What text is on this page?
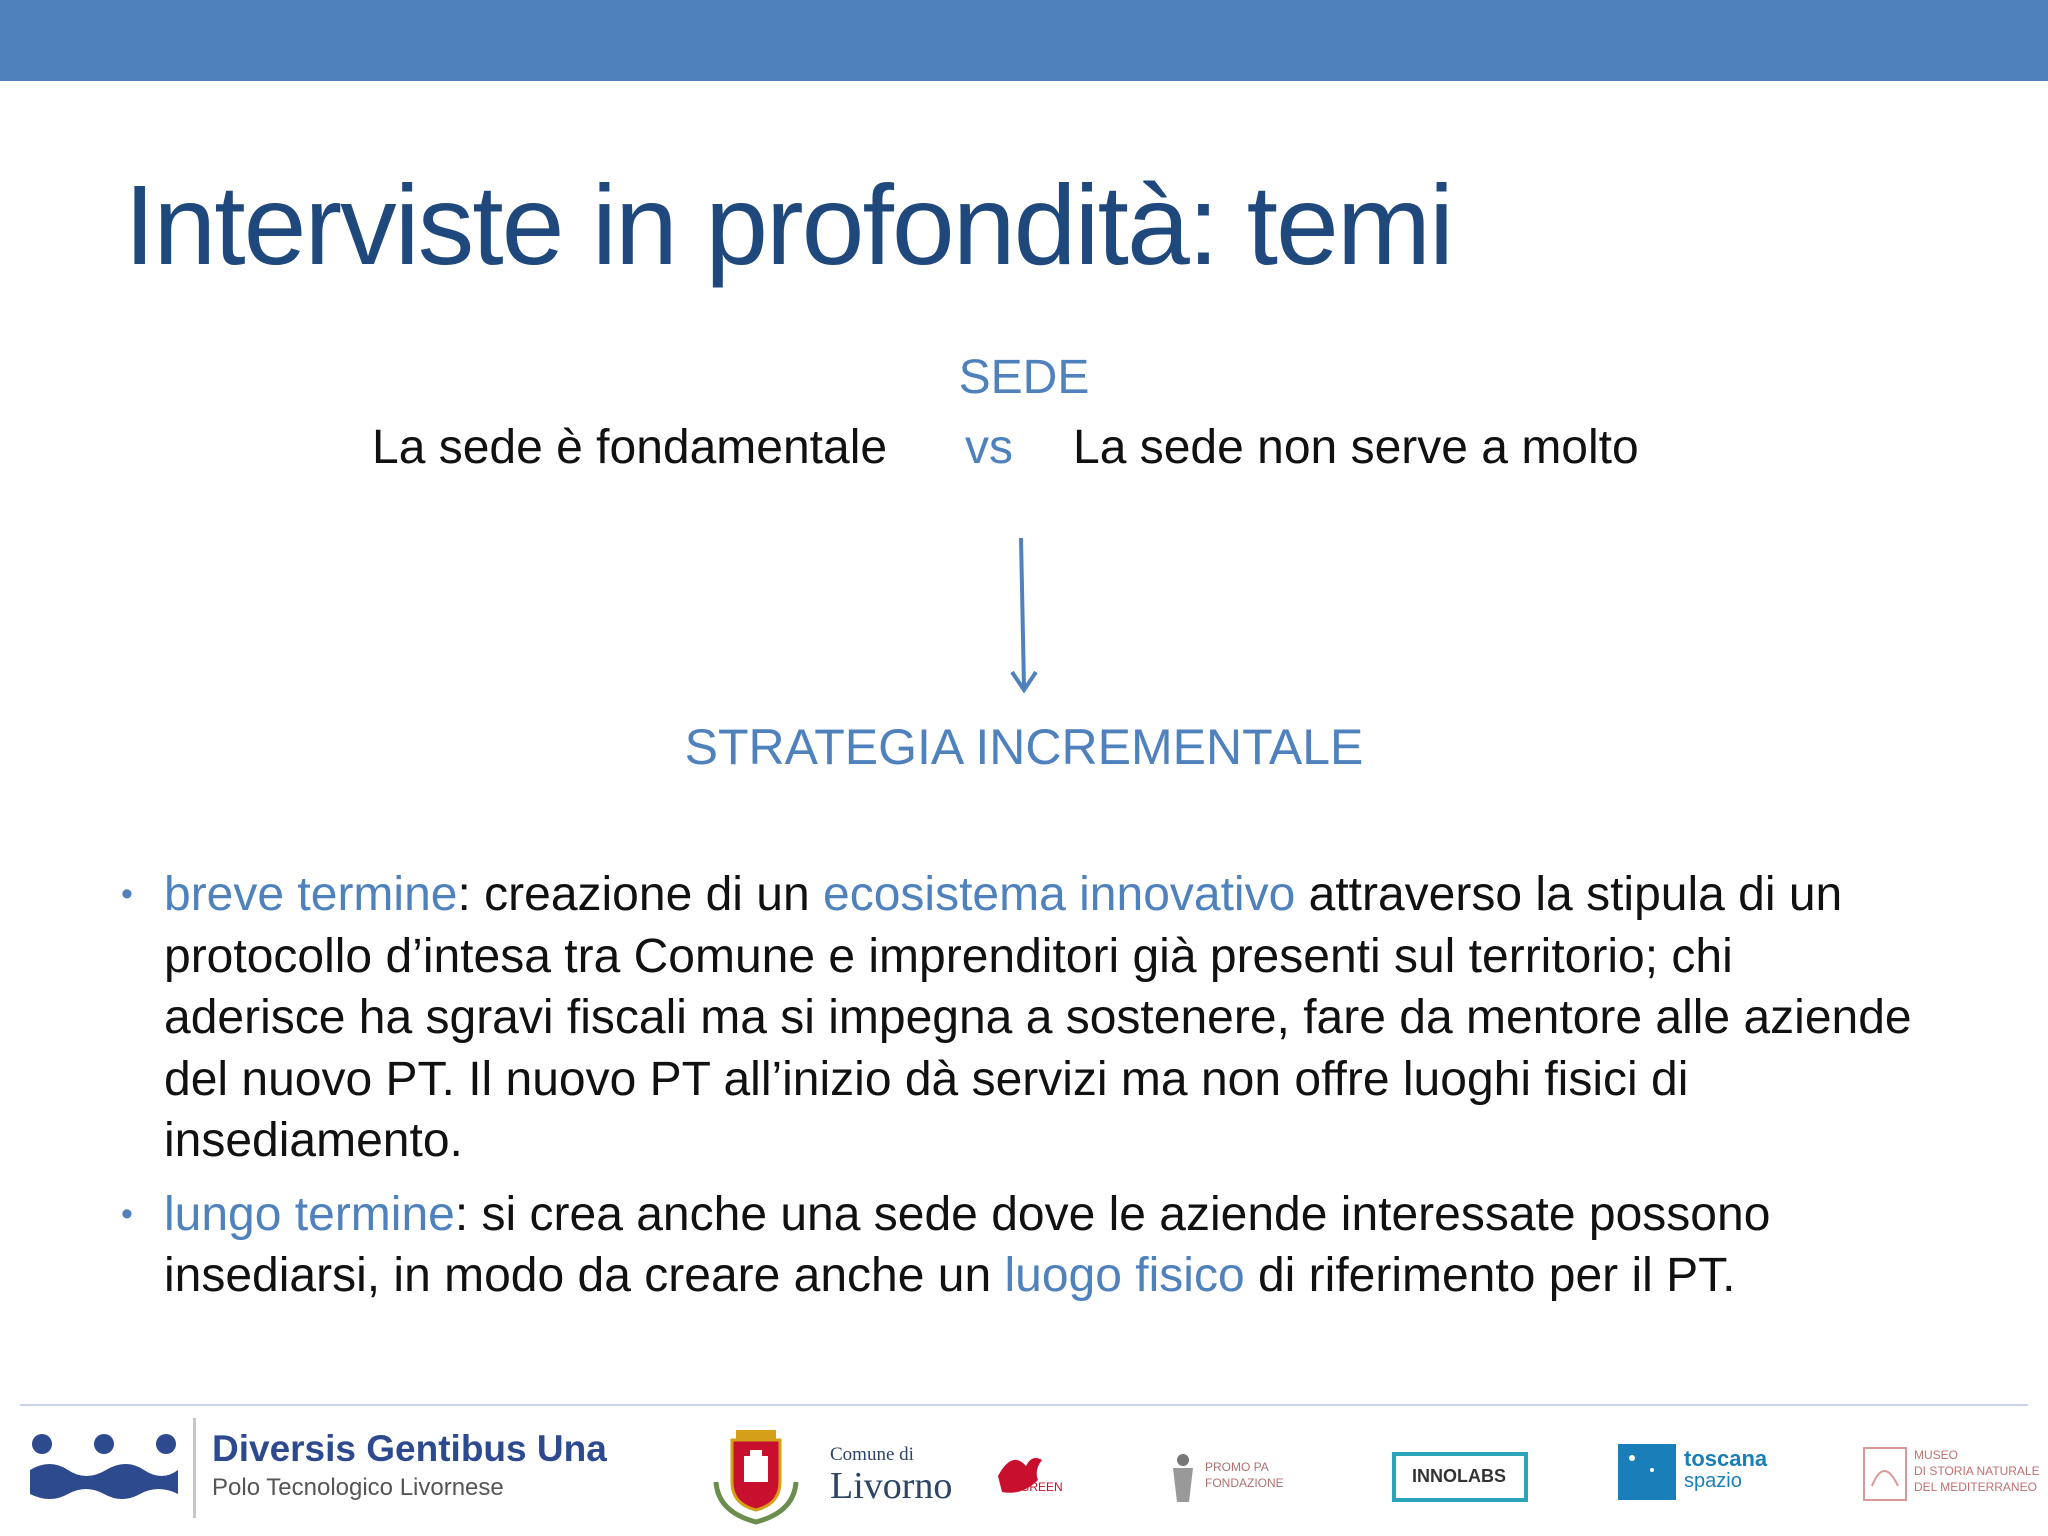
Interviste in profondità: temi
SEDE
La sede è fondamentale vs La sede non serve a molto
STRATEGIA INCREMENTALE
• breve termine: creazione di un ecosistema innovativo attraverso la stipula di un protocollo d’intesa tra Comune e imprenditori già presenti sul territorio; chi aderisce ha sgravi fiscali ma si impegna a sostenere, fare da mentore alle aziende del nuovo PT. Il nuovo PT all’inizio dà servizi ma non offre luoghi fisici di insediamento.
• lungo termine: si crea anche una sede dove le aziende interessate possono insediarsi, in modo da creare anche un luogo fisico di riferimento per il PT.
Diversis Gentibus Una
Polo Tecnologico Livornese
Comune di
Livorno	GREEN
PROMO PA
FONDAZIONE	INNOLABS
toscana
spazio
MUSEO
DI STORIA NATURALE
DEL MEDITERRANEO
